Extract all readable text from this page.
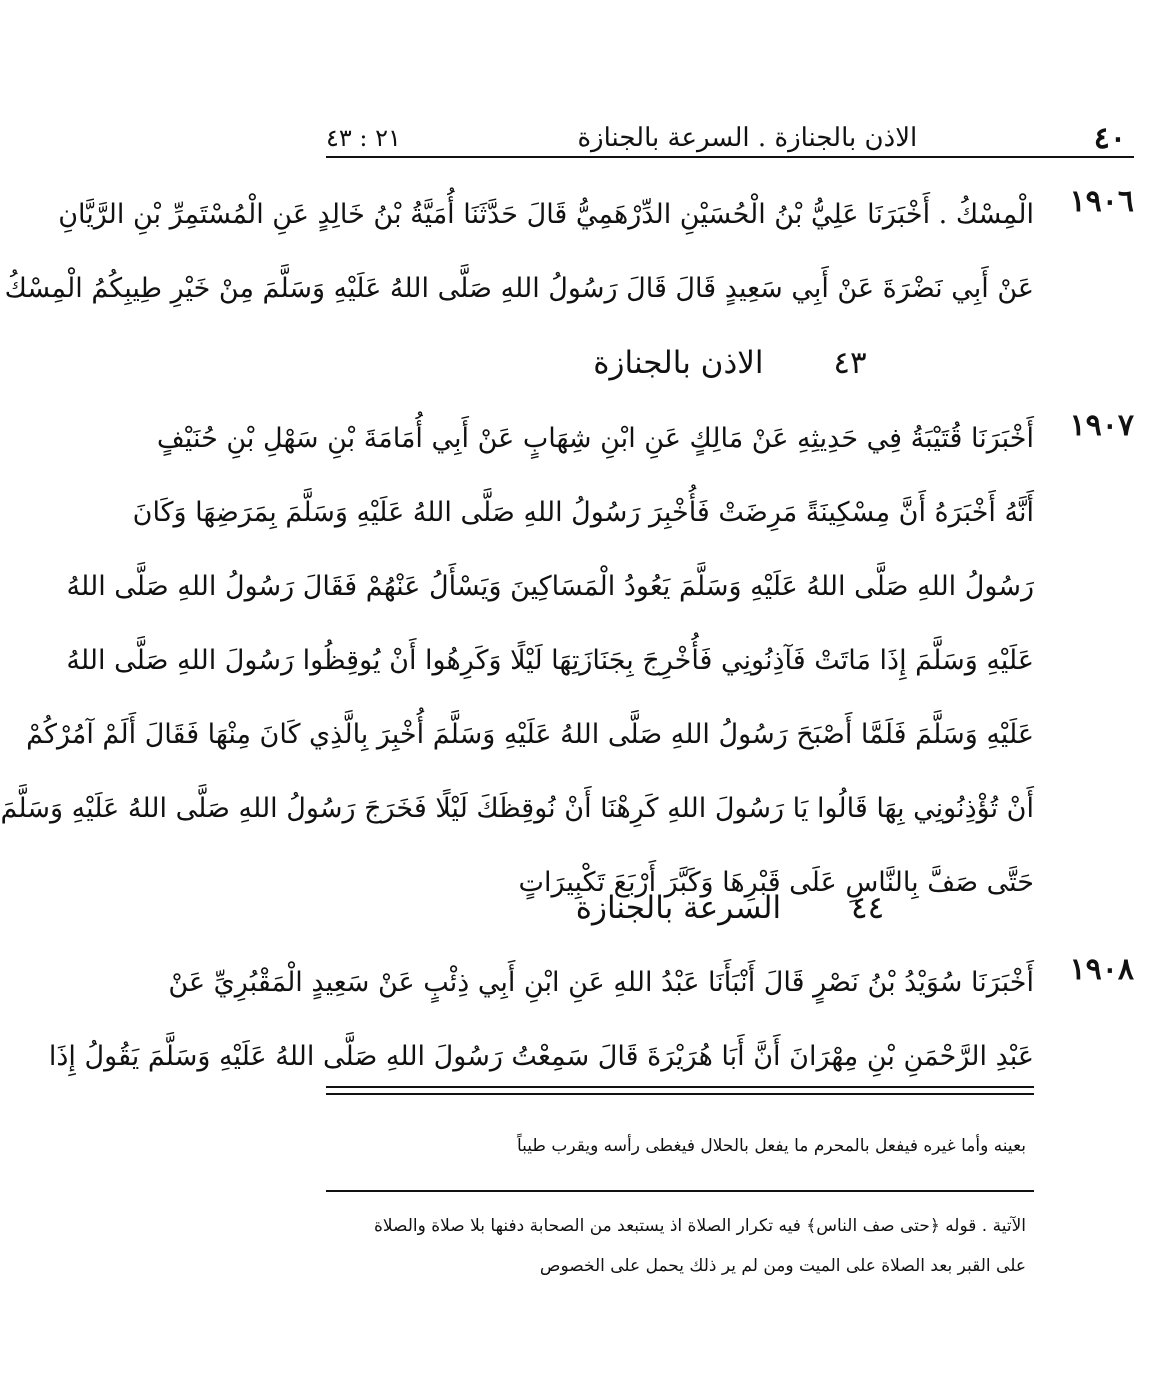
٤٠
الاذن بالجنازة . السرعة بالجنازة
٢١ : ٤٣
١٩٠٦
الْمِسْكُ . أَخْبَرَنَا عَلِيُّ بْنُ الْحُسَيْنِ الدِّرْهَمِيُّ قَالَ حَدَّثَنَا أُمَيَّةُ بْنُ خَالِدٍ عَنِ الْمُسْتَمِرِّ بْنِ الرَّيَّانِ
عَنْ أَبِي نَضْرَةَ عَنْ أَبِي سَعِيدٍ قَالَ قَالَ رَسُولُ اللهِ صَلَّى اللهُ عَلَيْهِ وَسَلَّمَ مِنْ خَيْرِ طِيبِكُمُ الْمِسْكُ
٤٣ الاذن بالجنازة
١٩٠٧
أَخْبَرَنَا قُتَيْبَةُ فِي حَدِيثِهِ عَنْ مَالِكٍ عَنِ ابْنِ شِهَابٍ عَنْ أَبِي أُمَامَةَ بْنِ سَهْلِ بْنِ حُنَيْفٍ
أَنَّهُ أَخْبَرَهُ أَنَّ مِسْكِينَةً مَرِضَتْ فَأُخْبِرَ رَسُولُ اللهِ صَلَّى اللهُ عَلَيْهِ وَسَلَّمَ بِمَرَضِهَا وَكَانَ
رَسُولُ اللهِ صَلَّى اللهُ عَلَيْهِ وَسَلَّمَ يَعُودُ الْمَسَاكِينَ وَيَسْأَلُ عَنْهُمْ فَقَالَ رَسُولُ اللهِ صَلَّى اللهُ
عَلَيْهِ وَسَلَّمَ إِذَا مَاتَتْ فَآذِنُونِي فَأُخْرِجَ بِجَنَازَتِهَا لَيْلًا وَكَرِهُوا أَنْ يُوقِظُوا رَسُولَ اللهِ صَلَّى اللهُ
عَلَيْهِ وَسَلَّمَ فَلَمَّا أَصْبَحَ رَسُولُ اللهِ صَلَّى اللهُ عَلَيْهِ وَسَلَّمَ أُخْبِرَ بِالَّذِي كَانَ مِنْهَا فَقَالَ أَلَمْ آمُرْكُمْ
أَنْ تُؤْذِنُونِي بِهَا قَالُوا يَا رَسُولَ اللهِ كَرِهْنَا أَنْ نُوقِظَكَ لَيْلًا فَخَرَجَ رَسُولُ اللهِ صَلَّى اللهُ عَلَيْهِ وَسَلَّمَ
حَتَّى صَفَّ بِالنَّاسِ عَلَى قَبْرِهَا وَكَبَّرَ أَرْبَعَ تَكْبِيرَاتٍ
٤٤ السرعة بالجنازة
١٩٠٨
أَخْبَرَنَا سُوَيْدُ بْنُ نَصْرٍ قَالَ أَنْبَأَنَا عَبْدُ اللهِ عَنِ ابْنِ أَبِي ذِئْبٍ عَنْ سَعِيدٍ الْمَقْبُرِيِّ عَنْ
عَبْدِ الرَّحْمَنِ بْنِ مِهْرَانَ أَنَّ أَبَا هُرَيْرَةَ قَالَ سَمِعْتُ رَسُولَ اللهِ صَلَّى اللهُ عَلَيْهِ وَسَلَّمَ يَقُولُ إِذَا
بعينه وأما غيره فيفعل بالمحرم ما يفعل بالحلال فيغطى رأسه ويقرب طيباً
الآتية . قوله ﴿حتى صف الناس﴾ فيه تكرار الصلاة اذ يستبعد من الصحابة دفنها بلا صلاة والصلاة
على القبر بعد الصلاة على الميت ومن لم ير ذلك يحمل على الخصوص
